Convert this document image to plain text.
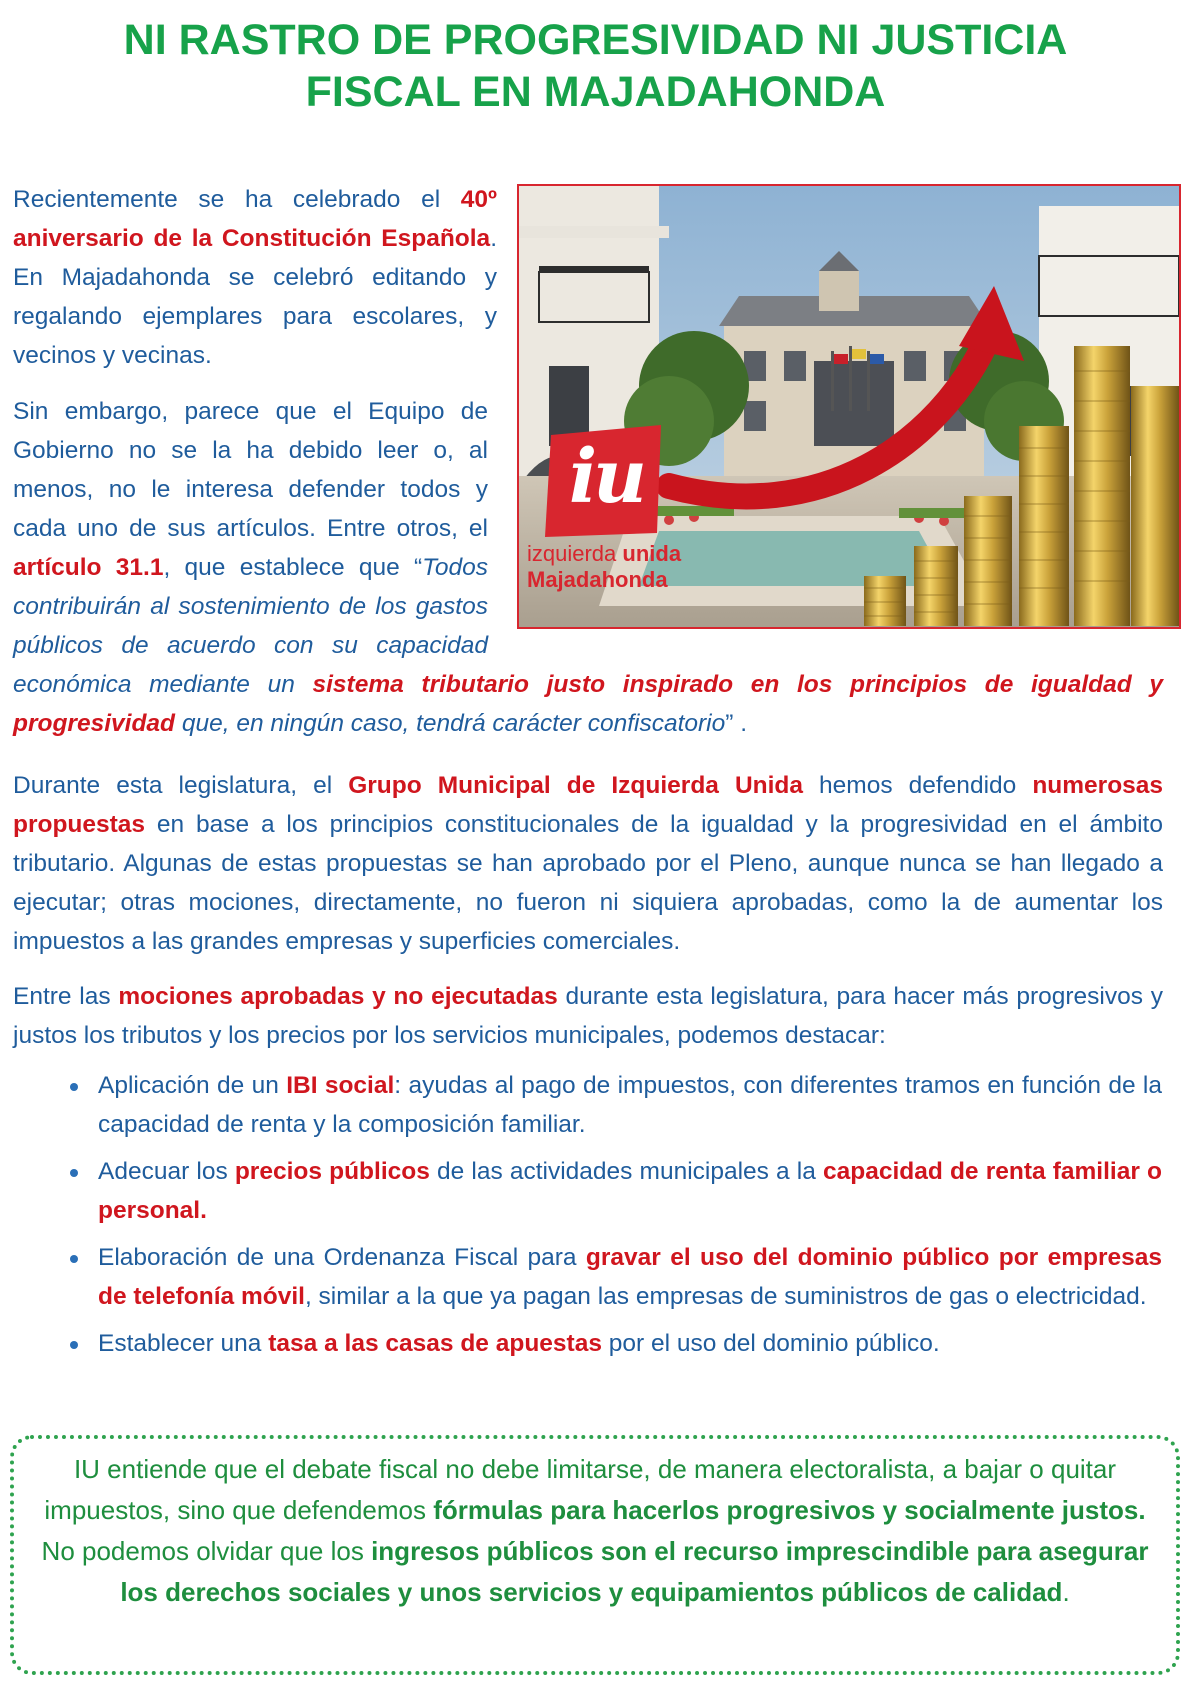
NI RASTRO DE PROGRESIVIDAD NI JUSTICIA
FISCAL EN MAJADAHONDA
iu
izquierda unida
Majadahonda

Recientemente se ha celebrado el 40º aniversario de la Constitución Española. En Majadahonda se celebró editando y regalando ejemplares para escolares, y vecinos y vecinas.

Sin embargo, parece que el Equipo de Gobierno no se la ha debido leer o, al menos, no le interesa defender todos y cada uno de sus artículos. Entre otros, el artículo 31.1, que establece que “Todos contribuirán al sostenimiento de los gastos públicos de acuerdo con su capacidad económica mediante un sistema tributario justo inspirado en los principios de igualdad y progresividad que, en ningún caso, tendrá carácter confiscatorio” .

Durante esta legislatura, el Grupo Municipal de Izquierda Unida hemos defendido numerosas propuestas en base a los principios constitucionales de la igualdad y la progresividad en el ámbito tributario. Algunas de estas propuestas se han aprobado por el Pleno, aunque nunca se han llegado a ejecutar; otras mociones, directamente, no fueron ni siquiera aprobadas, como la de aumentar los impuestos a las grandes empresas y superficies comerciales.

Entre las mociones aprobadas y no ejecutadas durante esta legislatura, para hacer más progresivos y justos los tributos y los precios por los servicios municipales, podemos destacar:

Aplicación de un IBI social: ayudas al pago de impuestos, con diferentes tramos en función de la capacidad de renta y la composición familiar.
Adecuar los precios públicos de las actividades municipales a la capacidad de renta familiar o personal.
Elaboración de una Ordenanza Fiscal para gravar el uso del dominio público por empresas de telefonía móvil, similar a la que ya pagan las empresas de suministros de gas o electricidad.
Establecer una tasa a las casas de apuestas por el uso del dominio público.
IU entiende que el debate fiscal no debe limitarse, de manera electoralista, a bajar o quitar impuestos, sino que defendemos fórmulas para hacerlos progresivos y socialmente justos. No podemos olvidar que los ingresos públicos son el recurso imprescindible para asegurar los derechos sociales y unos servicios y equipamientos públicos de calidad.
